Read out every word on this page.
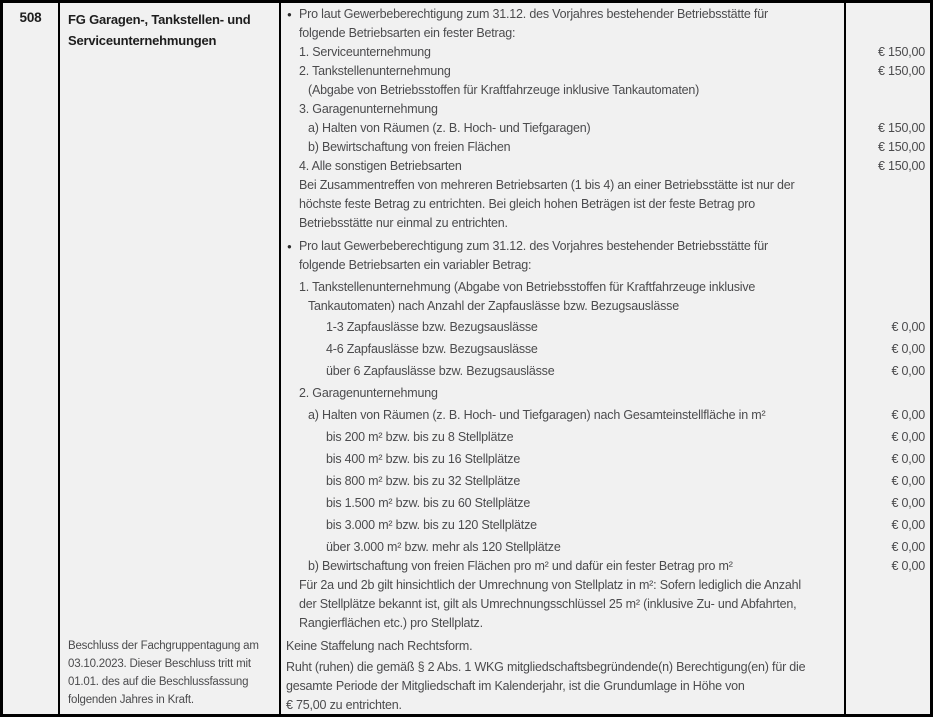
508	FG Garagen-, Tankstellen- und
Serviceunternehmungen
Beschluss der Fachgruppentagung am
03.10.2023. Dieser Beschluss tritt mit
01.01. des auf die Beschlussfassung
folgenden Jahres in Kraft.
● Pro laut Gewerbeberechtigung zum 31.12. des Vorjahres bestehender Betriebsstätte für
folgende Betriebsarten ein fester Betrag:
1. Serviceunternehmung	€ 150,00
2. Tankstellenunternehmung	€ 150,00
(Abgabe von Betriebsstoffen für Kraftfahrzeuge inklusive Tankautomaten)
3. Garagenunternehmung
a) Halten von Räumen (z. B. Hoch- und Tiefgaragen)	€ 150,00
b) Bewirtschaftung von freien Flächen	€ 150,00
4. Alle sonstigen Betriebsarten	€ 150,00
Bei Zusammentreffen von mehreren Betriebsarten (1 bis 4) an einer Betriebsstätte ist nur der
höchste feste Betrag zu entrichten. Bei gleich hohen Beträgen ist der feste Betrag pro
Betriebsstätte nur einmal zu entrichten.
● Pro laut Gewerbeberechtigung zum 31.12. des Vorjahres bestehender Betriebsstätte für
folgende Betriebsarten ein variabler Betrag:
1. Tankstellenunternehmung (Abgabe von Betriebsstoffen für Kraftfahrzeuge inklusive
Tankautomaten) nach Anzahl der Zapfauslässe bzw. Bezugsauslässe
1-3 Zapfauslässe bzw. Bezugsauslässe	€ 0,00
4-6 Zapfauslässe bzw. Bezugsauslässe	€ 0,00
über 6 Zapfauslässe bzw. Bezugsauslässe	€ 0,00
2. Garagenunternehmung
a) Halten von Räumen (z. B. Hoch- und Tiefgaragen) nach Gesamteinstellfläche in m²	€ 0,00
bis 200 m² bzw. bis zu 8 Stellplätze	€ 0,00
bis 400 m² bzw. bis zu 16 Stellplätze	€ 0,00
bis 800 m² bzw. bis zu 32 Stellplätze	€ 0,00
bis 1.500 m² bzw. bis zu 60 Stellplätze	€ 0,00
bis 3.000 m² bzw. bis zu 120 Stellplätze	€ 0,00
über 3.000 m² bzw. mehr als 120 Stellplätze	€ 0,00
b) Bewirtschaftung von freien Flächen pro m² und dafür ein fester Betrag pro m²	€ 0,00
Für 2a und 2b gilt hinsichtlich der Umrechnung von Stellplatz in m²: Sofern lediglich die Anzahl
der Stellplätze bekannt ist, gilt als Umrechnungsschlüssel 25 m² (inklusive Zu- und Abfahrten,
Rangierflächen etc.) pro Stellplatz.
Keine Staffelung nach Rechtsform.
Ruht (ruhen) die gemäß § 2 Abs. 1 WKG mitgliedschaftsbegründende(n) Berechtigung(en) für die
gesamte Periode der Mitgliedschaft im Kalenderjahr, ist die Grundumlage in Höhe von
€ 75,00 zu entrichten.
